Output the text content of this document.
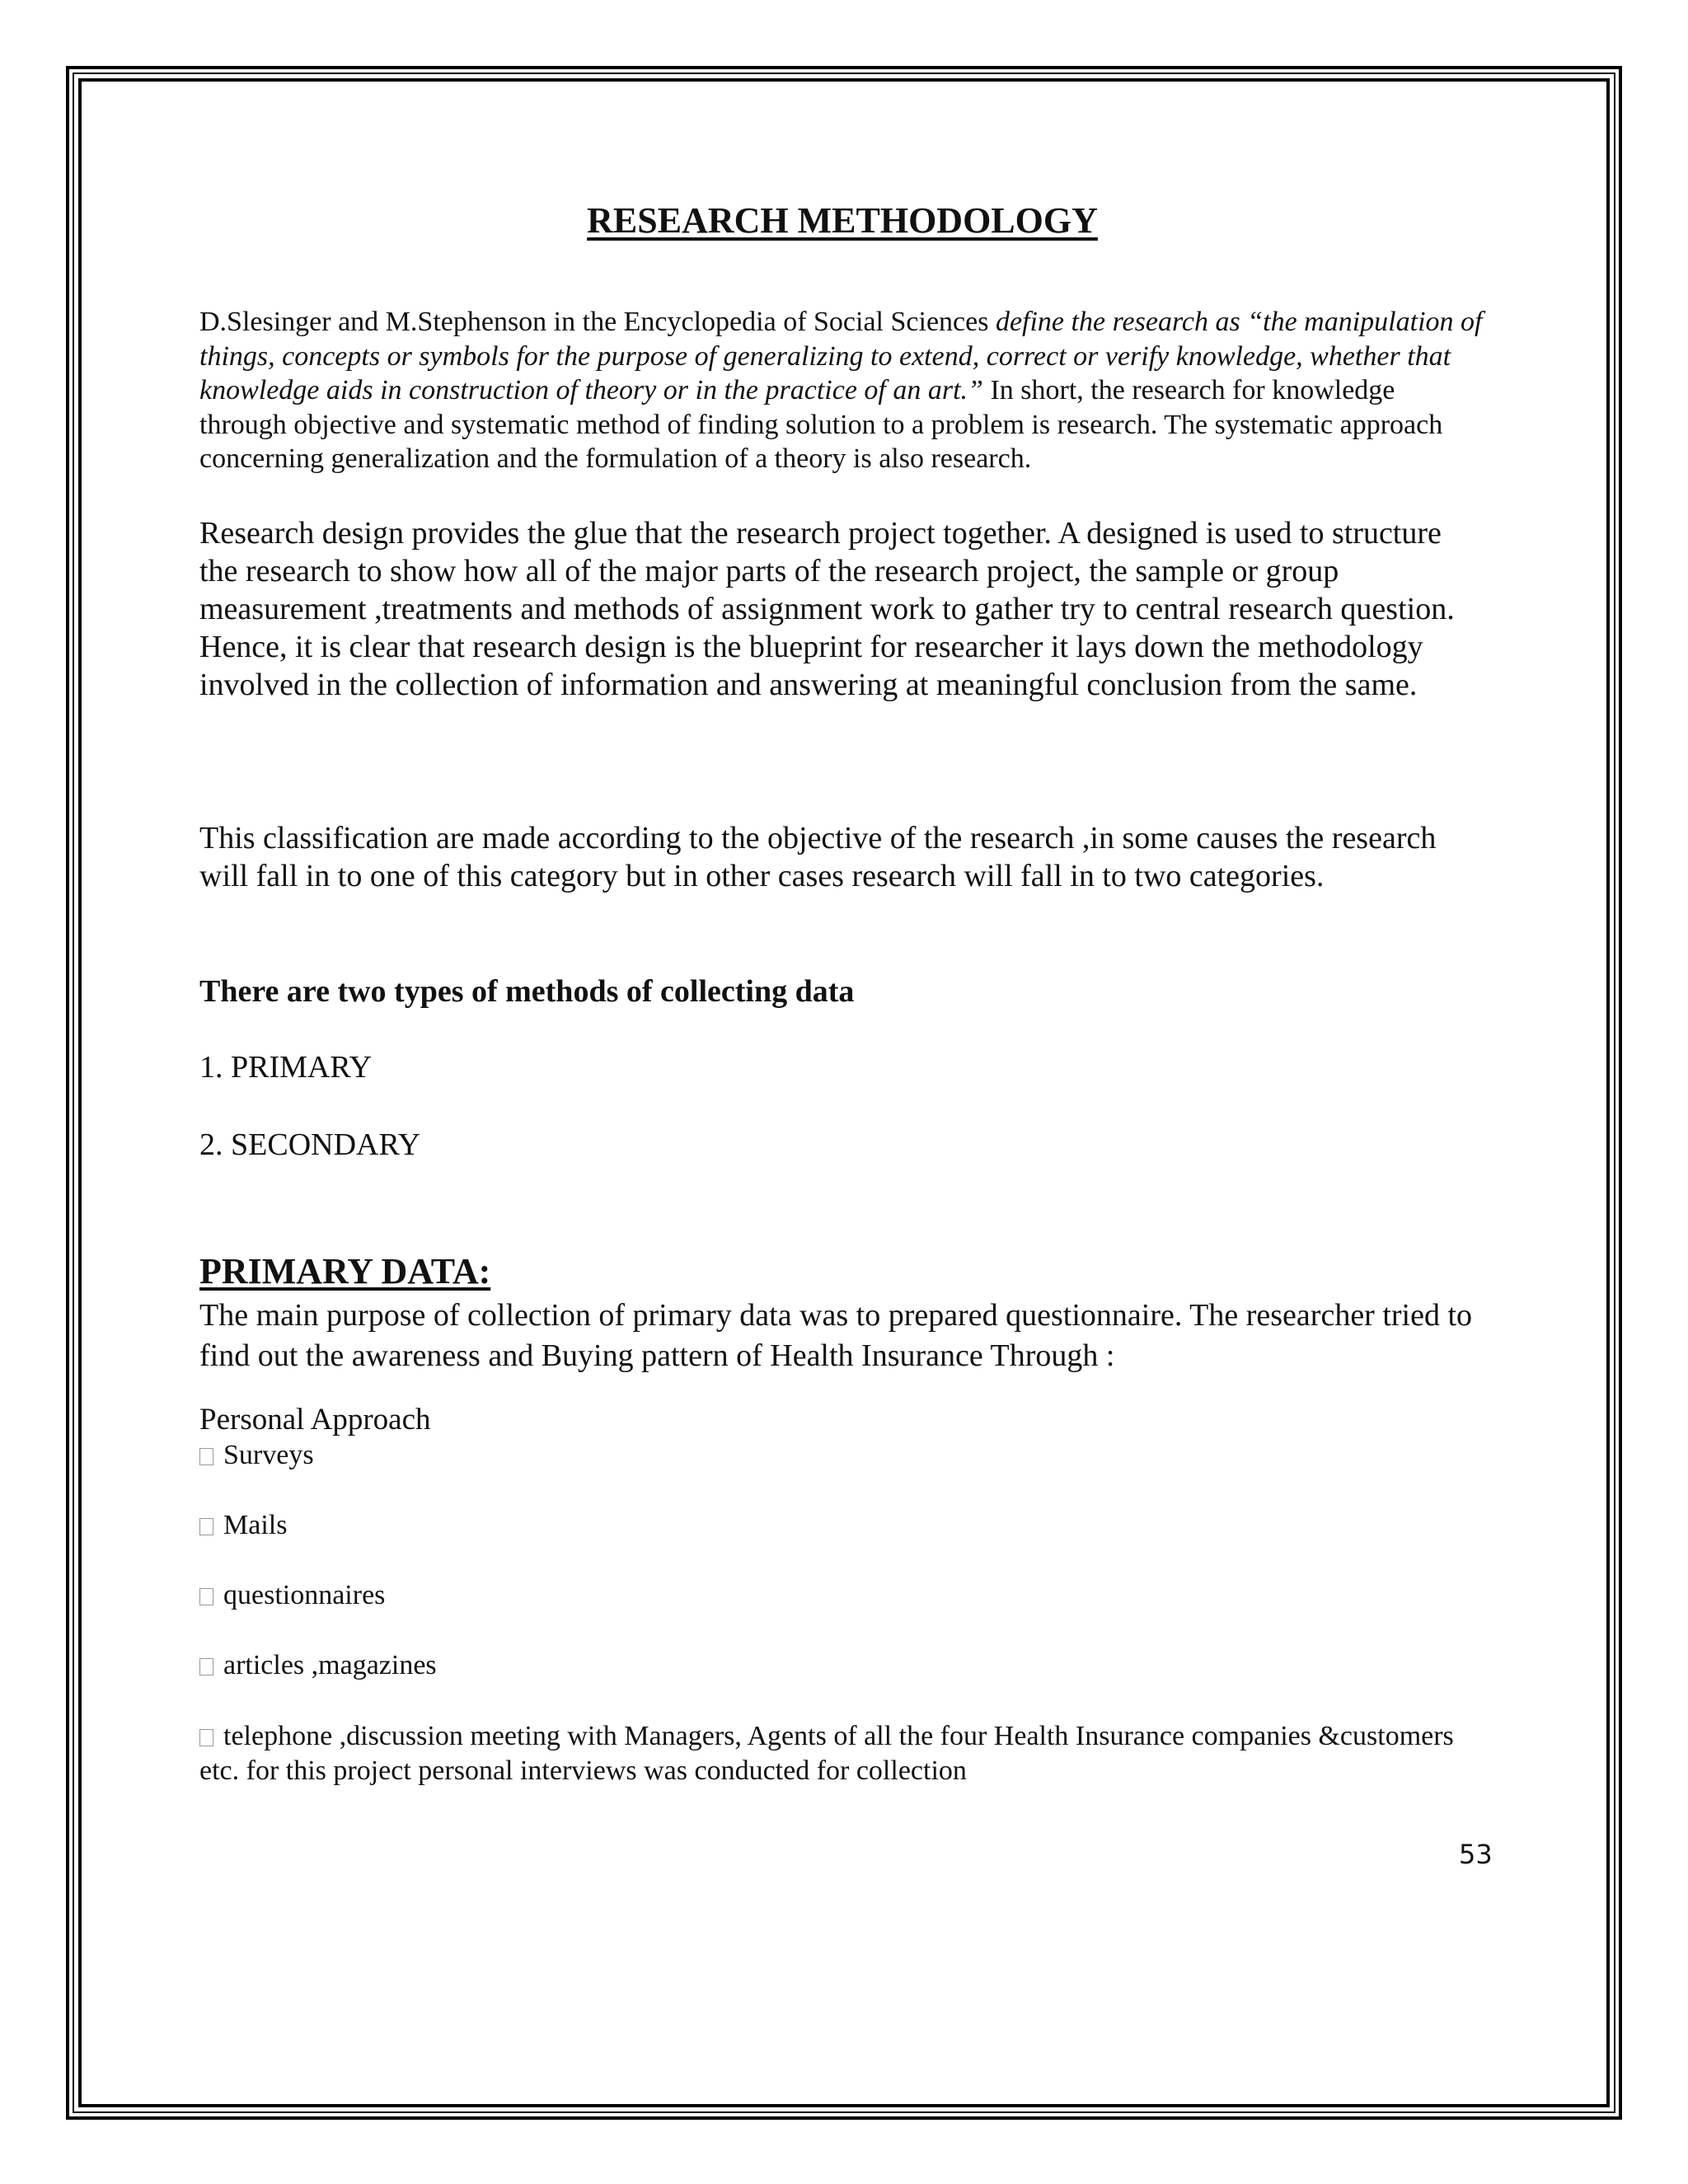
RESEARCH METHODOLOGY
D.Slesinger and M.Stephenson in the Encyclopedia of Social Sciences define the research as “the manipulation of things, concepts or symbols for the purpose of generalizing to extend, correct or verify knowledge, whether that knowledge aids in construction of theory or in the practice of an art.” In short, the research for knowledge through objective and systematic method of finding solution to a problem is research. The systematic approach concerning generalization and the formulation of a theory is also research.
Research design provides the glue that the research project together. A designed is used to structure the research to show how all of the major parts of the research project, the sample or group measurement ,treatments and methods of assignment work to gather try to central research question.
Hence, it is clear that research design is the blueprint for researcher it lays down the methodology involved in the collection of information and answering at meaningful conclusion from the same.
This classification are made according to the objective of the research ,in some causes the research will fall in to one of this category but in other cases research will fall in to two categories.
There are two types of methods of collecting data
1. PRIMARY
2. SECONDARY
PRIMARY DATA:
The main purpose of collection of primary data was to prepared questionnaire. The researcher tried to find out the awareness and Buying pattern of Health Insurance Through :
Personal Approach
Surveys
Mails
questionnaires
articles ,magazines
telephone ,discussion meeting with Managers, Agents of all the four Health Insurance companies &customers etc. for this project personal interviews was conducted for collection
53
